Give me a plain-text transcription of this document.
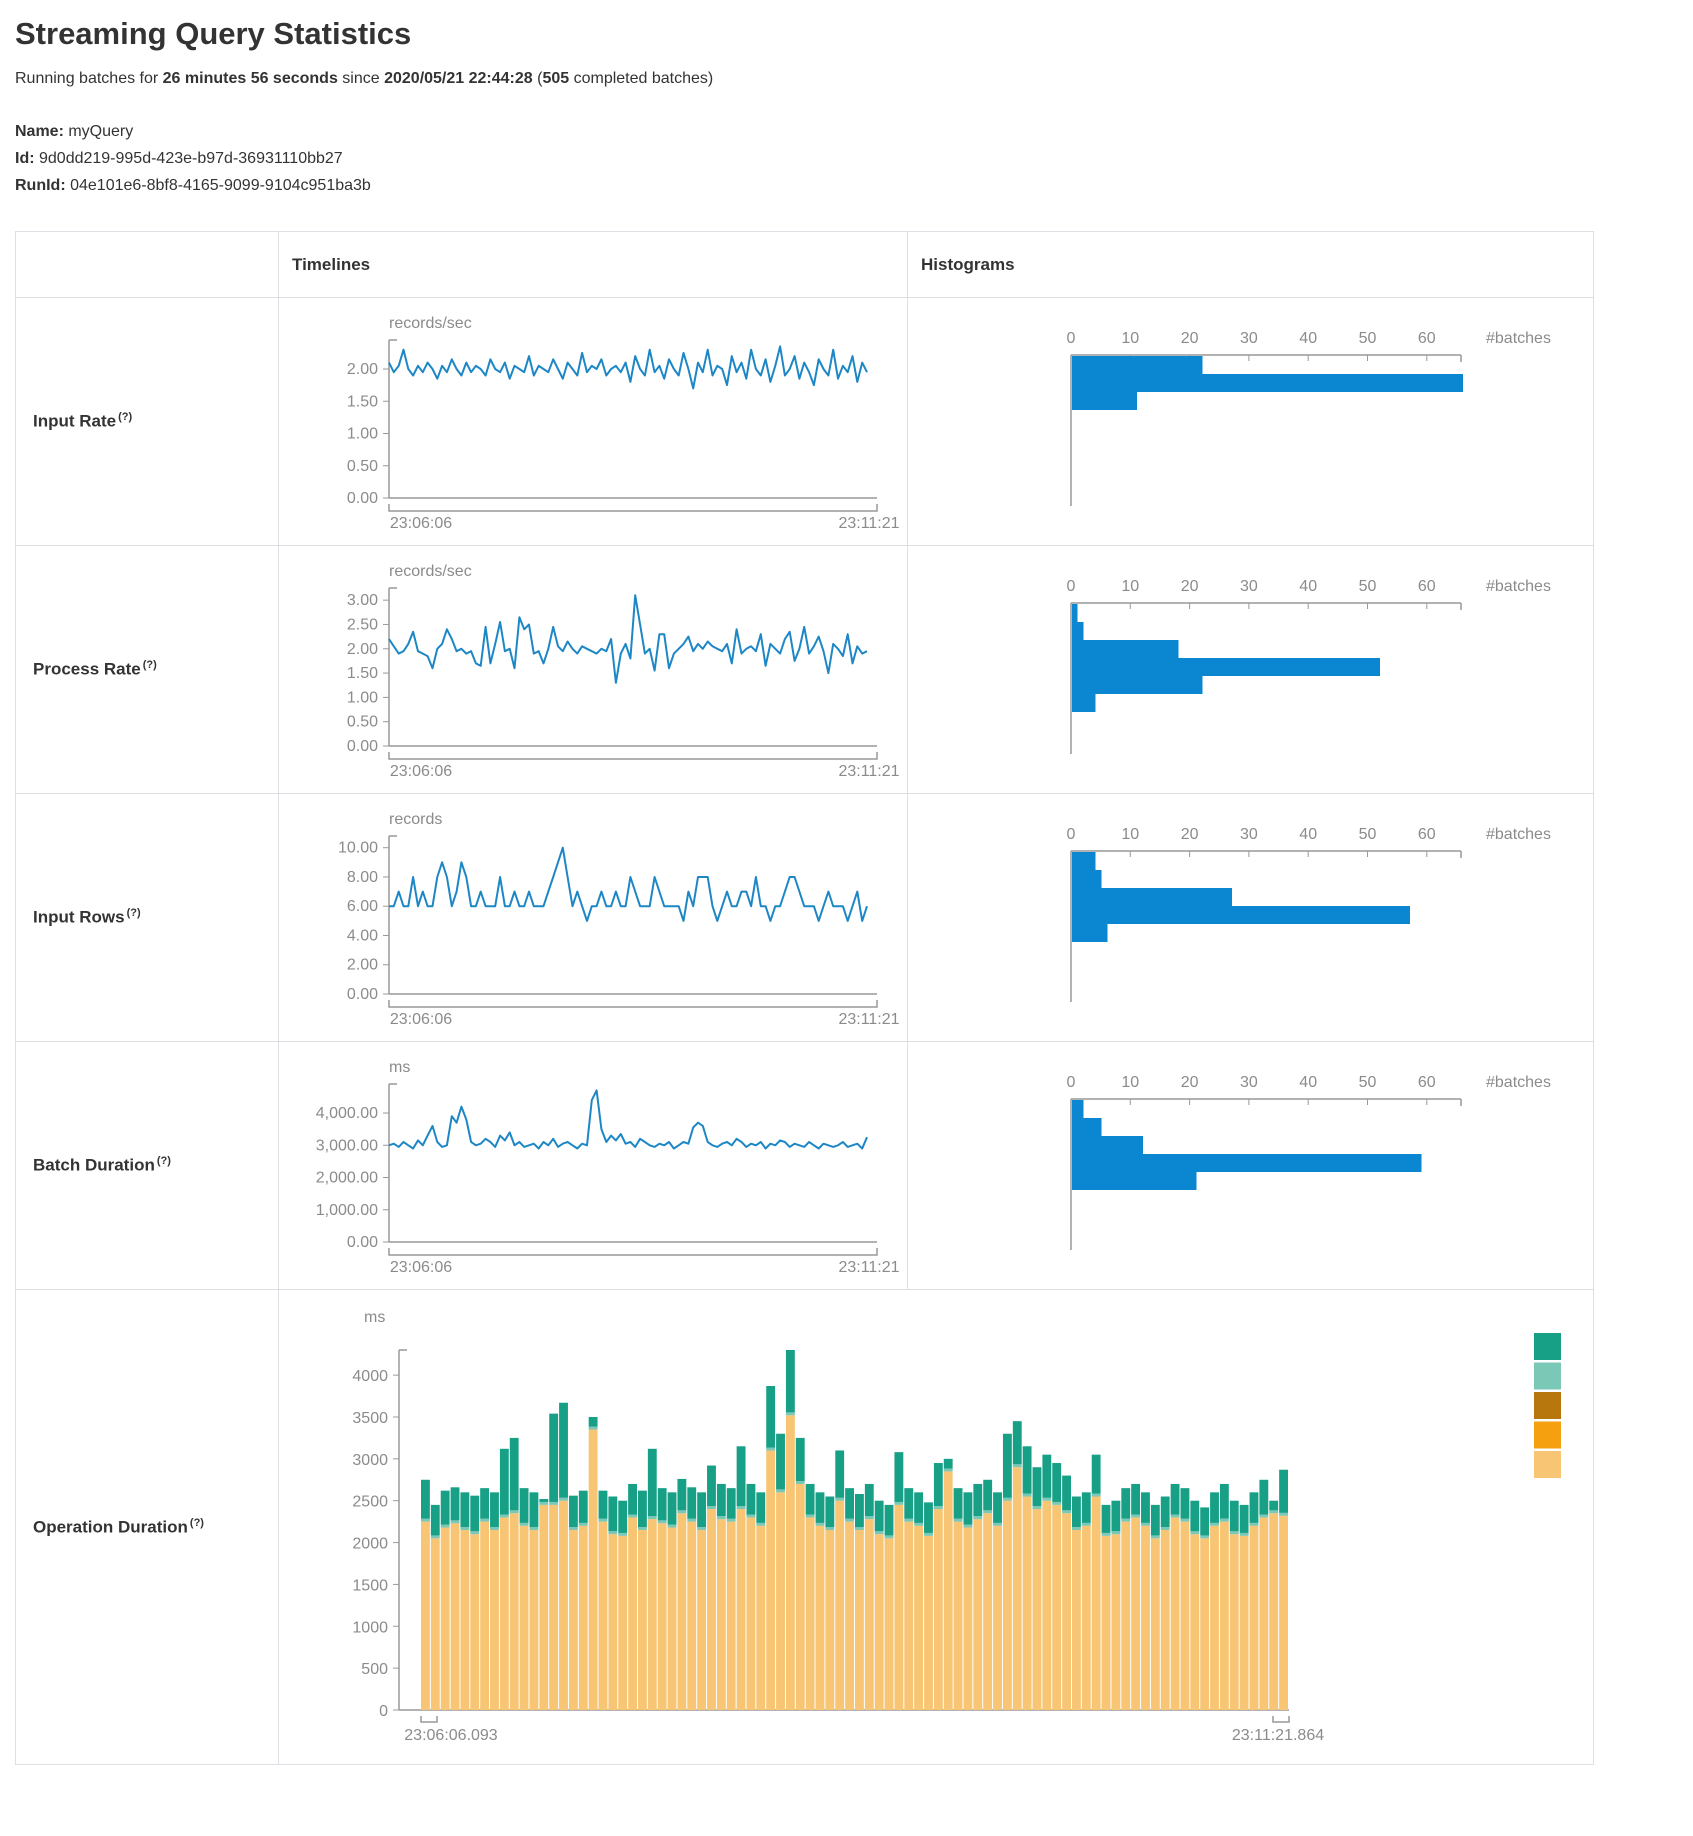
Streaming Query Statistics
Running batches for 26 minutes 56 seconds since 2020/05/21 22:44:28 (505 completed batches)
Name: myQuery
Id: 9d0dd219-995d-423e-b97d-36931110bb27
RunId: 04e101e6-8bf8-4165-9099-9104c951ba3b
Timelines	Histograms
Input Rate (?)
records/sec
0.00
0.50
1.00
1.50
2.00
23:06:06	23:11:21
0	10	20	30	40	50	60	#batches
Process Rate (?)
records/sec
0.00
0.50
1.00
1.50
2.00
2.50
3.00
23:06:06	23:11:21
0	10	20	30	40	50	60	#batches
Input Rows (?)
records
0.00
2.00
4.00
6.00
8.00
10.00
23:06:06	23:11:21
0	10	20	30	40	50	60	#batches
Batch Duration (?)
ms
0.00
1,000.00
2,000.00
3,000.00
4,000.00
23:06:06	23:11:21
0	10	20	30	40	50	60	#batches
Operation Duration (?)
ms
0
500
1000
1500
2000
2500
3000
3500
4000
23:06:06.093	23:11:21.864
